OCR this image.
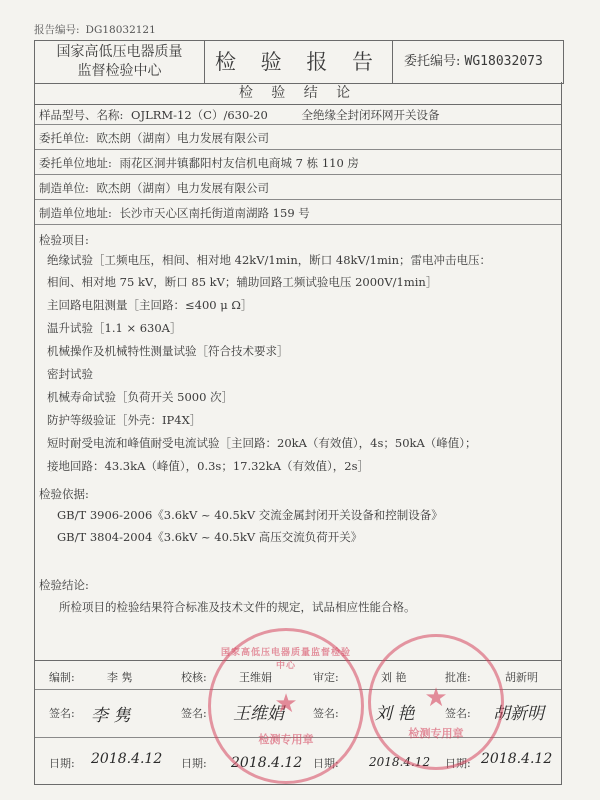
报告编号: DG18032121
国家高低压电器质量
监督检验中心	检 验 报 告	委托编号: WG18032073
检 验 结 论
样品型号、名称: OJLRM-12（C）/630-20	全绝缘全封闭环网开关设备
委托单位: 欧杰朗（湖南）电力发展有限公司
委托单位地址: 雨花区洞井镇鄱阳村友信机电商城 7 栋 110 房
制造单位: 欧杰朗（湖南）电力发展有限公司
制造单位地址: 长沙市天心区南托街道南湖路 159 号
检验项目:
绝缘试验［工频电压，相间、相对地 42kV/1min，断口 48kV/1min；雷电冲击电压：
相间、相对地 75 kV，断口 85 kV；辅助回路工频试验电压 2000V/1min］
主回路电阻测量［主回路：≤400 μ Ω］
温升试验［1.1 × 630A］
机械操作及机械特性测量试验［符合技术要求］
密封试验
机械寿命试验［负荷开关 5000 次］
防护等级验证［外壳：IP4X］
短时耐受电流和峰值耐受电流试验［主回路：20kA（有效值），4s；50kA（峰值）；
接地回路：43.3kA（峰值），0.3s；17.32kA（有效值），2s］
检验依据:
GB/T 3906-2006《3.6kV ~ 40.5kV 交流金属封闭开关设备和控制设备》
GB/T 3804-2004《3.6kV ~ 40.5kV 高压交流负荷开关》
检验结论:
所检项目的检验结果符合标准及技术文件的规定，试品相应性能合格。
编制:	李 隽	校核:	王维娟	审定:	刘 艳	批准:	胡新明
签名: 李 隽	签名: 王维娟	签名: 刘 艳	签名: 胡新明
日期: 2018.4.12 日期: 2018.4.12 日期:	2018.4.12 日期: 2018.4.12
★
国家高低压电器质量监督检验中心
检测专用章
★
检测专用章
